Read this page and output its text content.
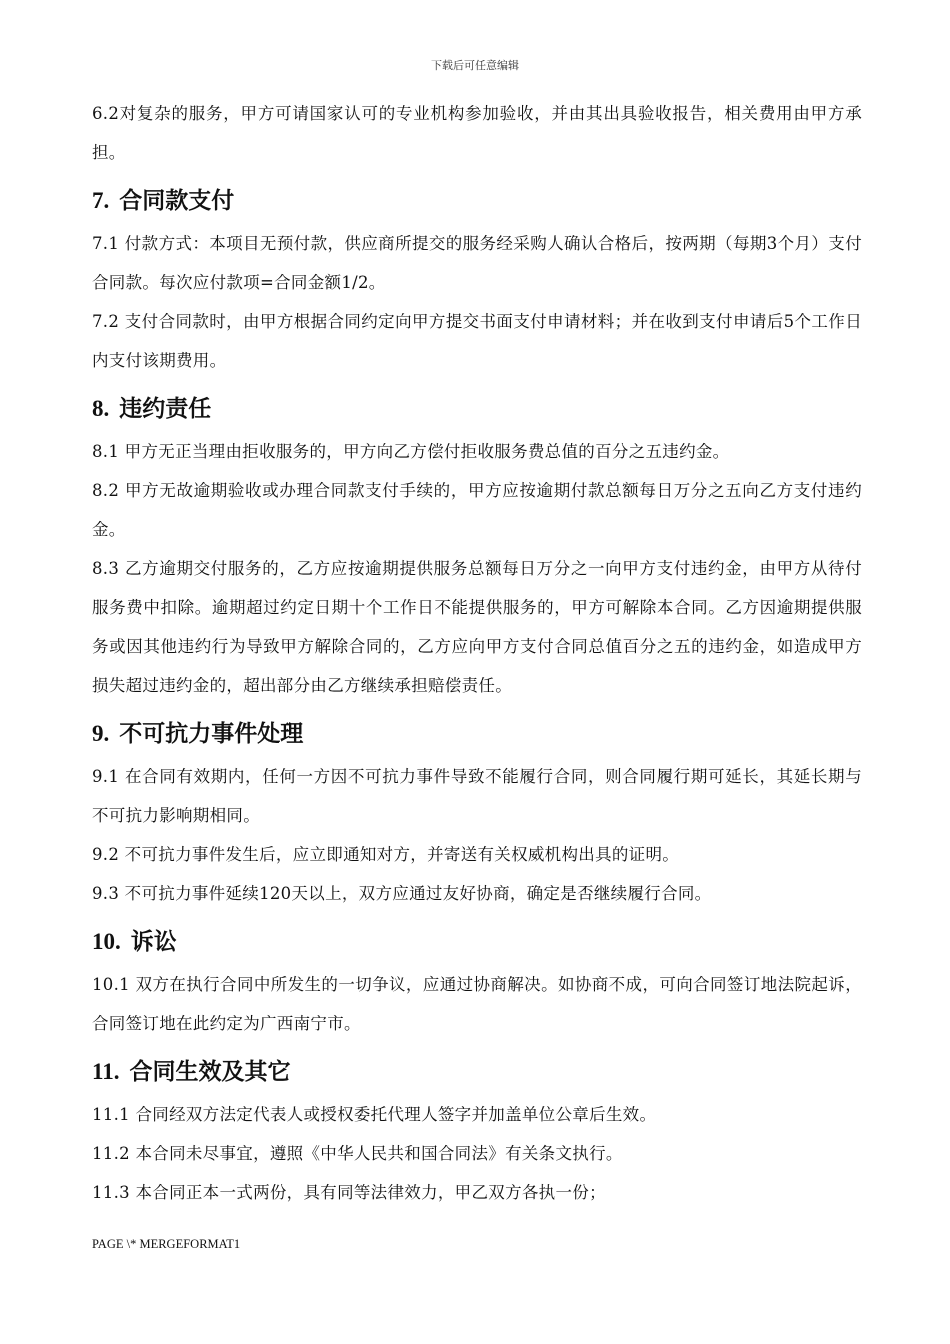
下载后可任意编辑

6.2对复杂的服务，甲方可请国家认可的专业机构参加验收，并由其出具验收报告，相关费用由甲方承担。

7. 合同款支付

7.1 付款方式：本项目无预付款，供应商所提交的服务经采购人确认合格后，按两期（每期3个月）支付合同款。每次应付款项=合同金额1/2。

7.2 支付合同款时，由甲方根据合同约定向甲方提交书面支付申请材料；并在收到支付申请后5个工作日内支付该期费用。

8. 违约责任

8.1 甲方无正当理由拒收服务的，甲方向乙方偿付拒收服务费总值的百分之五违约金。

8.2 甲方无故逾期验收或办理合同款支付手续的，甲方应按逾期付款总额每日万分之五向乙方支付违约金。

8.3 乙方逾期交付服务的，乙方应按逾期提供服务总额每日万分之一向甲方支付违约金，由甲方从待付服务费中扣除。逾期超过约定日期十个工作日不能提供服务的，甲方可解除本合同。乙方因逾期提供服务或因其他违约行为导致甲方解除合同的，乙方应向甲方支付合同总值百分之五的违约金，如造成甲方损失超过违约金的，超出部分由乙方继续承担赔偿责任。

9. 不可抗力事件处理

9.1 在合同有效期内，任何一方因不可抗力事件导致不能履行合同，则合同履行期可延长，其延长期与不可抗力影响期相同。

9.2 不可抗力事件发生后，应立即通知对方，并寄送有关权威机构出具的证明。

9.3 不可抗力事件延续120天以上，双方应通过友好协商，确定是否继续履行合同。

10. 诉讼

10.1 双方在执行合同中所发生的一切争议，应通过协商解决。如协商不成，可向合同签订地法院起诉，合同签订地在此约定为广西南宁市。

11. 合同生效及其它

11.1 合同经双方法定代表人或授权委托代理人签字并加盖单位公章后生效。

11.2 本合同未尽事宜，遵照《中华人民共和国合同法》有关条文执行。

11.3 本合同正本一式两份，具有同等法律效力，甲乙双方各执一份；

PAGE \* MERGEFORMAT1
